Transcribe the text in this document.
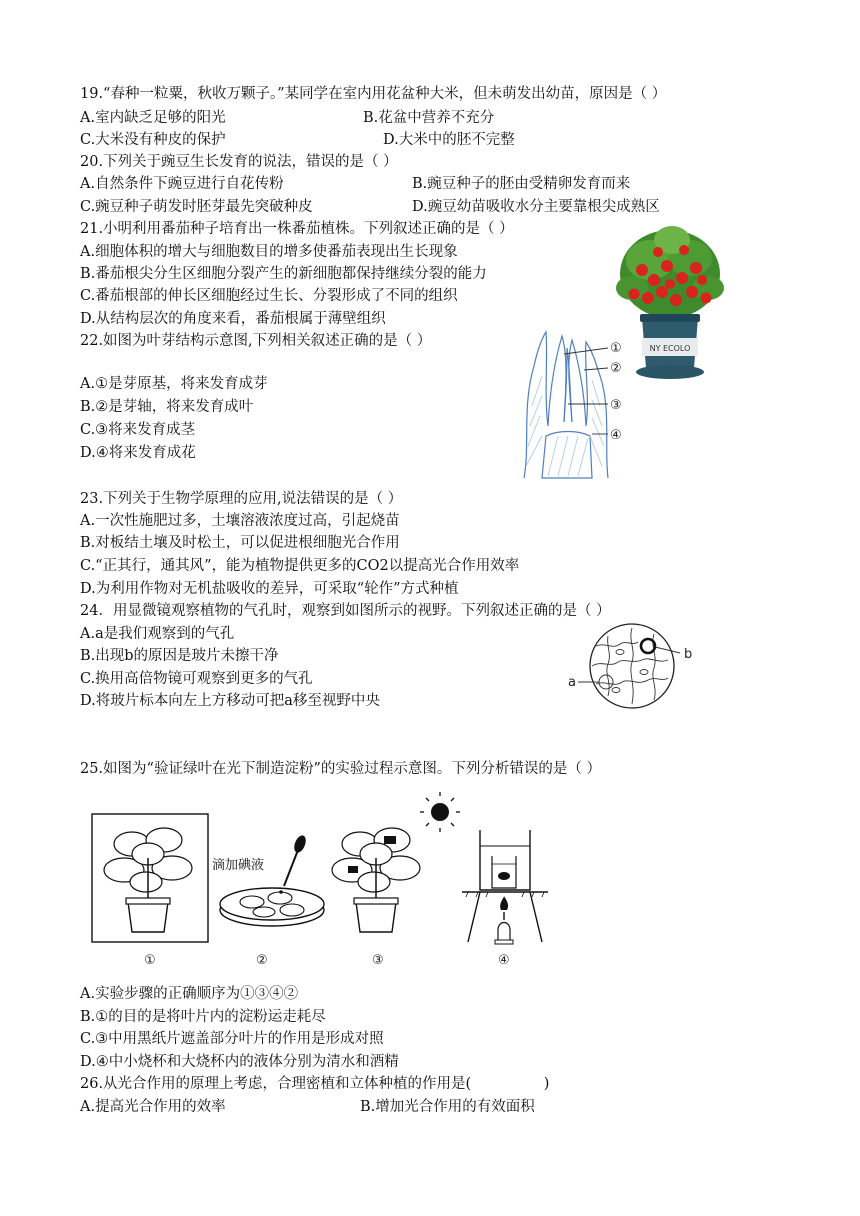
19.“春种一粒粟，秋收万颗子。”某同学在室内用花盆种大米，但未萌发出幼苗，原因是（ ）
A.室内缺乏足够的阳光	B.花盆中营养不充分
C.大米没有种皮的保护	D.大米中的胚不完整
20.下列关于豌豆生长发育的说法，错误的是（ ）
A.自然条件下豌豆进行自花传粉	B.豌豆种子的胚由受精卵发育而来
C.豌豆种子萌发时胚芽最先突破种皮	D.豌豆幼苗吸收水分主要靠根尖成熟区
21.小明利用番茄种子培育出一株番茄植株。下列叙述正确的是（ ）
A.细胞体积的增大与细胞数目的增多使番茄表现出生长现象
B.番茄根尖分生区细胞分裂产生的新细胞都保持继续分裂的能力
C.番茄根部的伸长区细胞经过生长、分裂形成了不同的组织
D.从结构层次的角度来看，番茄根属于薄壁组织
NY ECOLO
22.如图为叶芽结构示意图,下列相关叙述正确的是（ ）
A.①是芽原基，将来发育成芽
B.②是芽轴，将来发育成叶
C.③将来发育成茎
D.④将来发育成花
①
②
③
④
23.下列关于生物学原理的应用,说法错误的是（ ）
A.一次性施肥过多，土壤溶液浓度过高，引起烧苗
B.对板结土壤及时松土，可以促进根细胞光合作用
C.“正其行，通其风”，能为植物提供更多的CO2以提高光合作用效率
D.为利用作物对无机盐吸收的差异，可采取“轮作”方式种植
24．用显微镜观察植物的气孔时，观察到如图所示的视野。下列叙述正确的是（ ）
A.a是我们观察到的气孔
B.出现b的原因是玻片未擦干净
C.换用高倍物镜可观察到更多的气孔
D.将玻片标本向左上方移动可把a移至视野中央
b
a
25.如图为“验证绿叶在光下制造淀粉”的实验过程示意图。下列分析错误的是（ ）
滴加碘液
①	②	③	④
A.实验步骤的正确顺序为①③④②
B.①的目的是将叶片内的淀粉运走耗尽
C.③中用黑纸片遮盖部分叶片的作用是形成对照
D.④中小烧杯和大烧杯内的液体分别为清水和酒精
26.从光合作用的原理上考虑，合理密植和立体种植的作用是(　　　　　)
A.提高光合作用的效率	B.增加光合作用的有效面积
